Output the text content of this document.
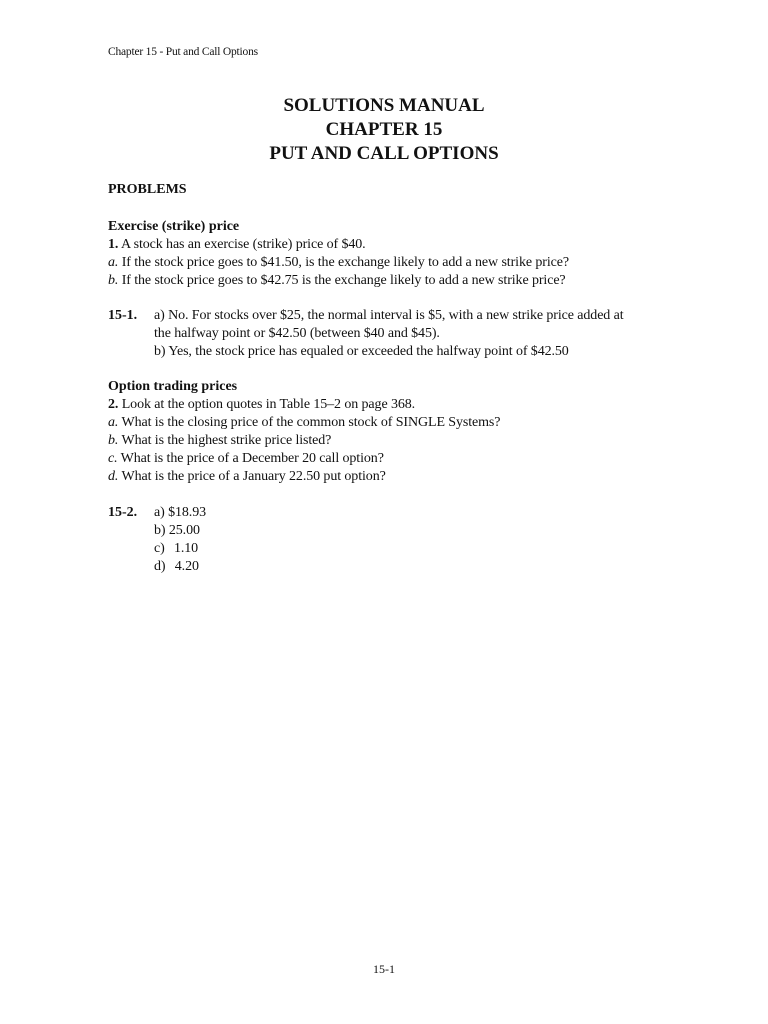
Chapter 15 - Put and Call Options
SOLUTIONS MANUAL
CHAPTER 15
PUT AND CALL OPTIONS
PROBLEMS
Exercise (strike) price
1. A stock has an exercise (strike) price of $40.
a. If the stock price goes to $41.50, is the exchange likely to add a new strike price?
b. If the stock price goes to $42.75 is the exchange likely to add a new strike price?
15-1. a) No. For stocks over $25, the normal interval is $5, with a new strike price added at
the halfway point or $42.50 (between $40 and $45).
b) Yes, the stock price has equaled or exceeded the halfway point of $42.50
Option trading prices
2. Look at the option quotes in Table 15–2 on page 368.
a. What is the closing price of the common stock of SINGLE Systems?
b. What is the highest strike price listed?
c. What is the price of a December 20 call option?
d. What is the price of a January 22.50 put option?
15-2. a) $18.93
b) 25.00
c) 1.10
d) 4.20
15-1
